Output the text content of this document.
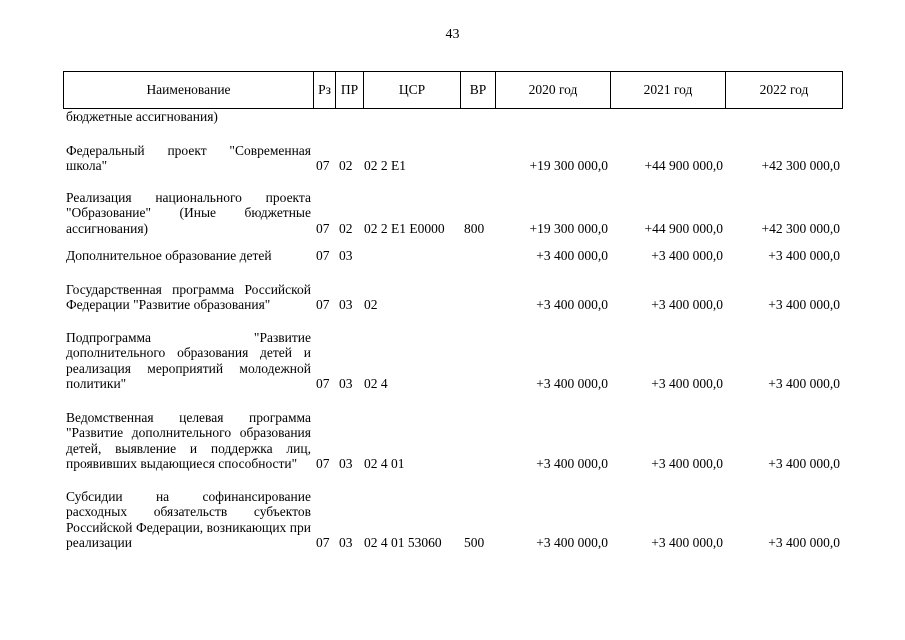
43
Наименование	Рз	ПР	ЦСР	ВР	2020 год	2021 год	2022 год
бюджетные ассигнования)							
Федеральный проект "Современная школа"	07	02	02 2 E1		+19 300 000,0	+44 900 000,0	+42 300 000,0
Реализация национального проекта "Образование" (Иные бюджетные ассигнования)	07	02	02 2 E1 E0000	800	+19 300 000,0	+44 900 000,0	+42 300 000,0
Дополнительное образование детей	07	03			+3 400 000,0	+3 400 000,0	+3 400 000,0
Государственная программа Российской Федерации "Развитие образования"	07	03	02		+3 400 000,0	+3 400 000,0	+3 400 000,0
Подпрограмма "Развитие дополнительного образования детей и реализация мероприятий молодежной политики"	07	03	02 4		+3 400 000,0	+3 400 000,0	+3 400 000,0
Ведомственная целевая программа "Развитие дополнительного образования детей, выявление и поддержка лиц, проявивших выдающиеся способности"	07	03	02 4 01		+3 400 000,0	+3 400 000,0	+3 400 000,0
Субсидии на софинансирование расходных обязательств субъектов Российской Федерации, возникающих при реализации	07	03	02 4 01 53060	500	+3 400 000,0	+3 400 000,0	+3 400 000,0
